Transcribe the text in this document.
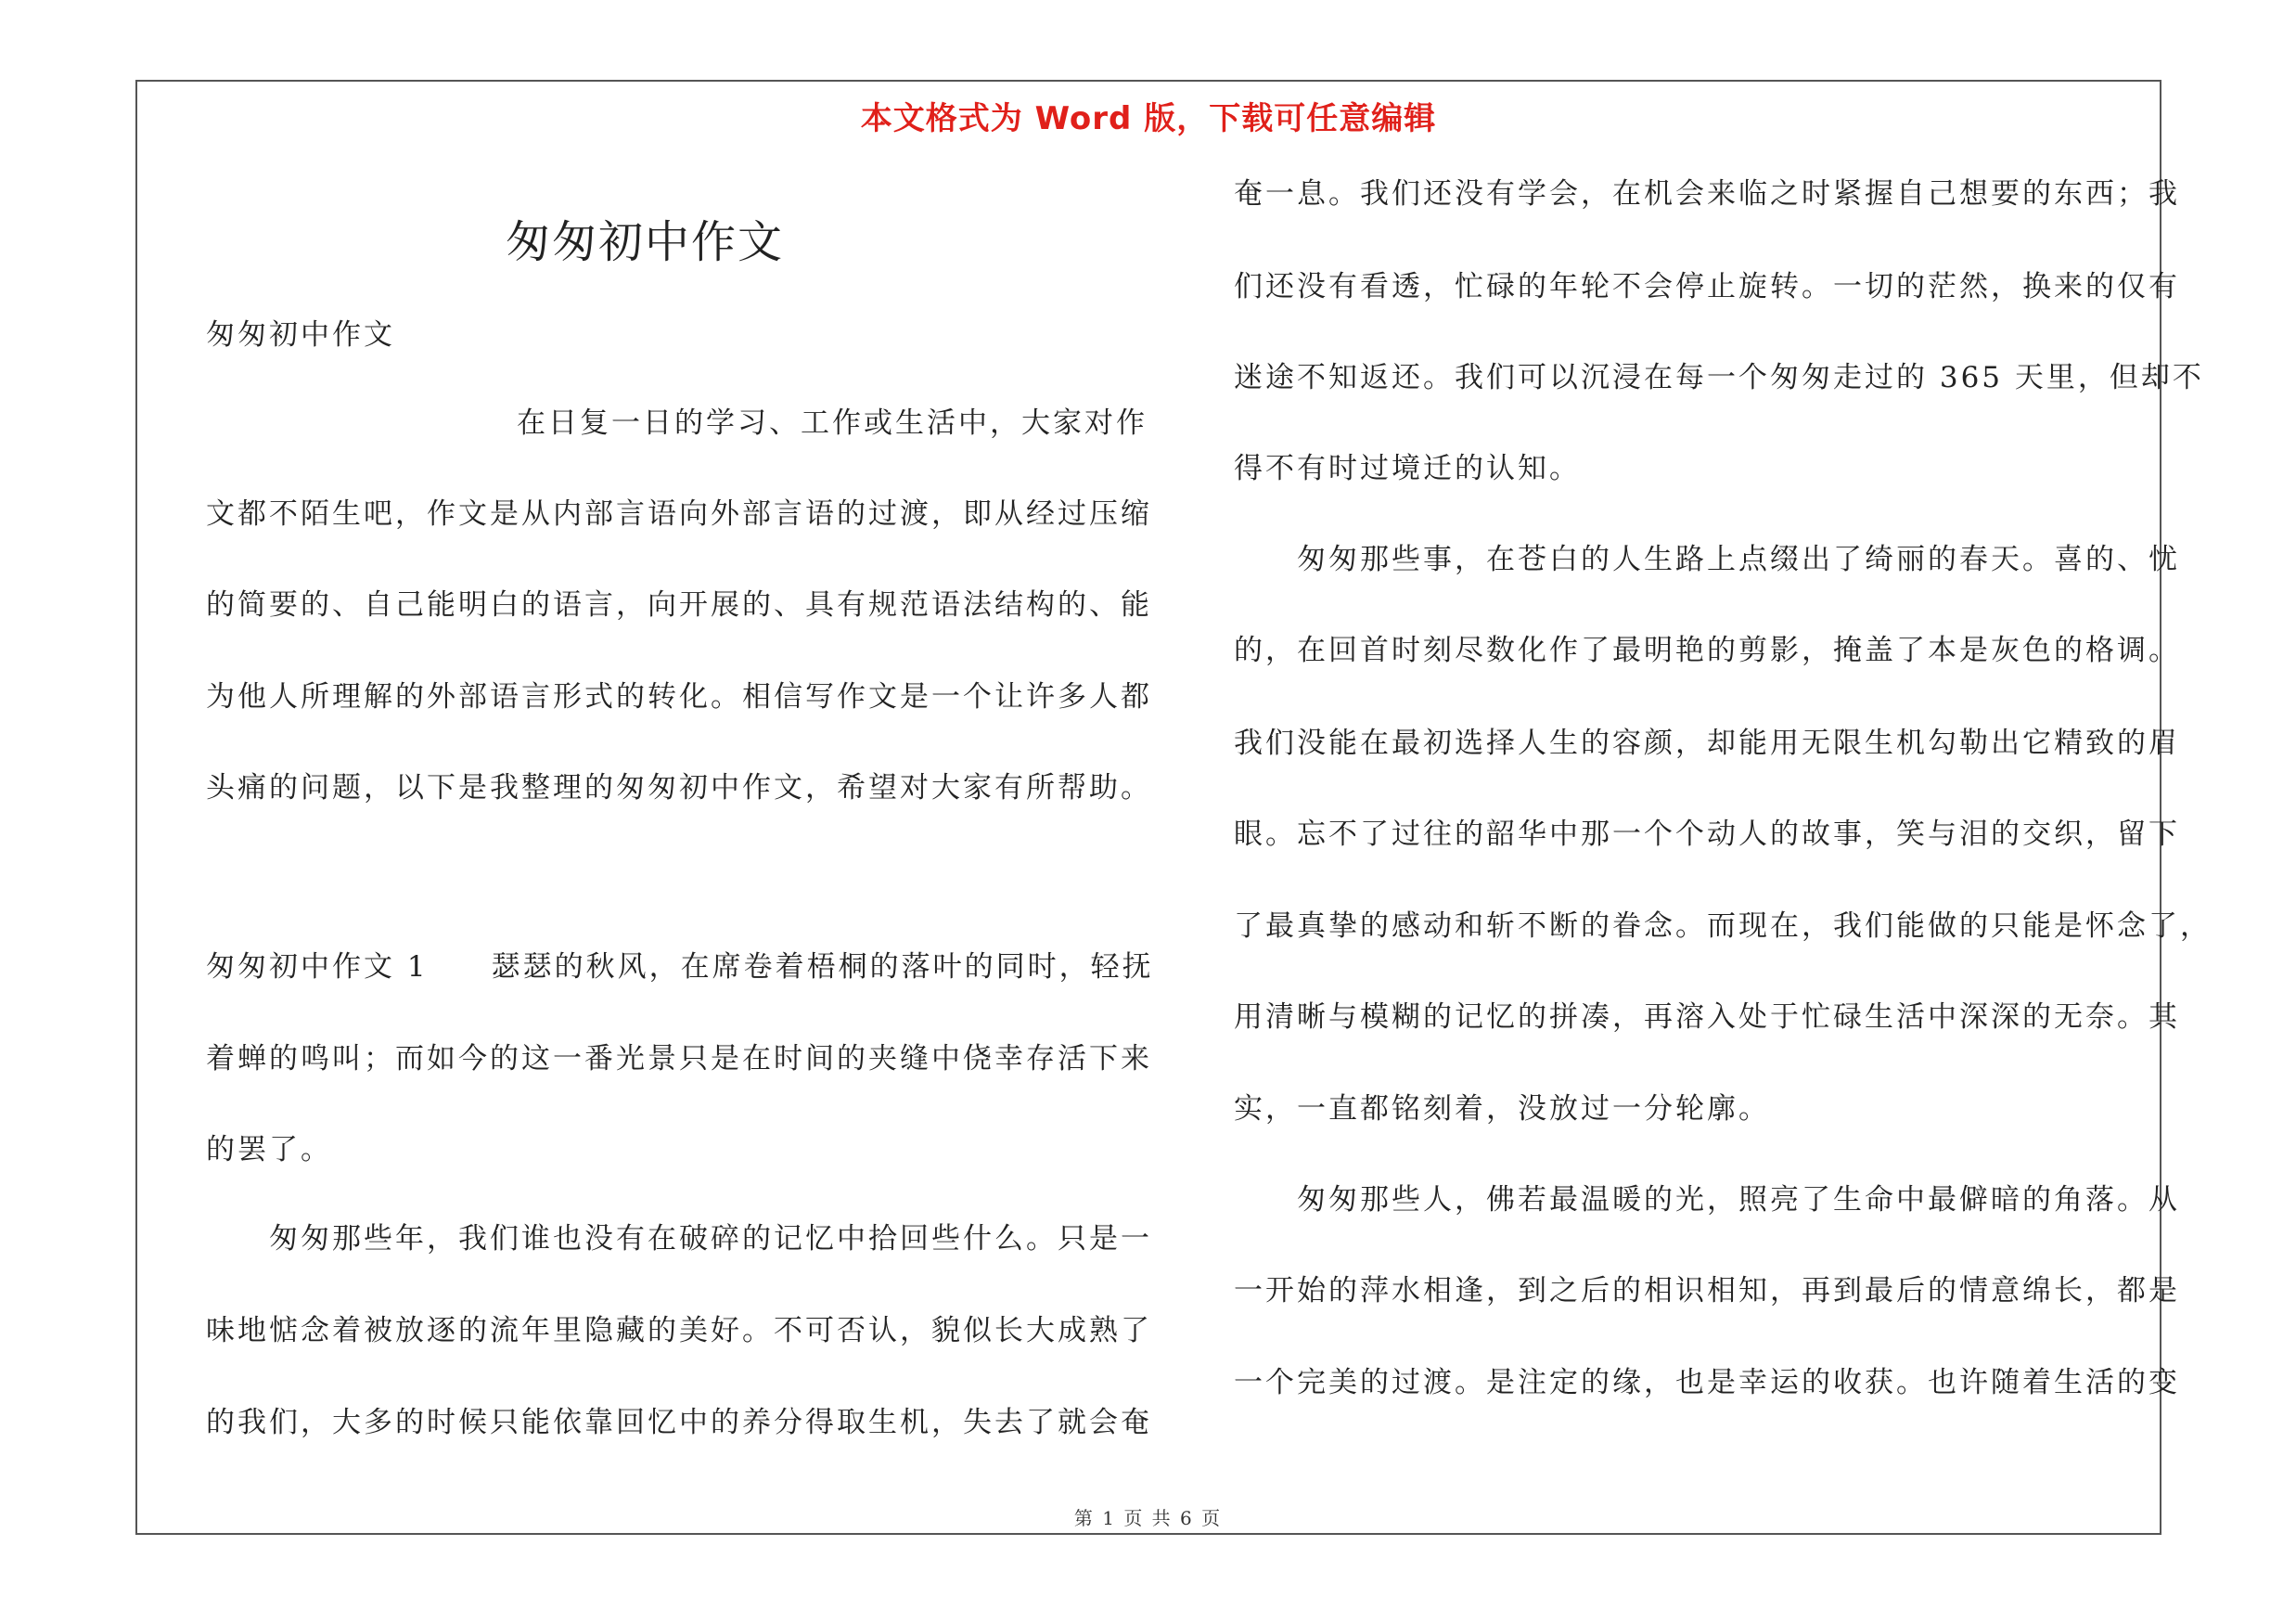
本文格式为 Word 版，下载可任意编辑
匆匆初中作文
匆匆初中作文
在日复一日的学习、工作或生活中，大家对作
文都不陌生吧，作文是从内部言语向外部言语的过渡，即从经过压缩
的简要的、自己能明白的语言，向开展的、具有规范语法结构的、能
为他人所理解的外部语言形式的转化。相信写作文是一个让许多人都
头痛的问题，以下是我整理的匆匆初中作文，希望对大家有所帮助。
匆匆初中作文 1　　瑟瑟的秋风，在席卷着梧桐的落叶的同时，轻抚
着蝉的鸣叫；而如今的这一番光景只是在时间的夹缝中侥幸存活下来
的罢了。
　　匆匆那些年，我们谁也没有在破碎的记忆中拾回些什么。只是一
味地惦念着被放逐的流年里隐藏的美好。不可否认，貌似长大成熟了
的我们，大多的时候只能依靠回忆中的养分得取生机，失去了就会奄
奄一息。我们还没有学会，在机会来临之时紧握自己想要的东西；我
们还没有看透，忙碌的年轮不会停止旋转。一切的茫然，换来的仅有
迷途不知返还。我们可以沉浸在每一个匆匆走过的 365 天里，但却不
得不有时过境迁的认知。
　　匆匆那些事，在苍白的人生路上点缀出了绮丽的春天。喜的、忧
的，在回首时刻尽数化作了最明艳的剪影，掩盖了本是灰色的格调。
我们没能在最初选择人生的容颜，却能用无限生机勾勒出它精致的眉
眼。忘不了过往的韶华中那一个个动人的故事，笑与泪的交织，留下
了最真挚的感动和斩不断的眷念。而现在，我们能做的只能是怀念了，
用清晰与模糊的记忆的拼凑，再溶入处于忙碌生活中深深的无奈。其
实，一直都铭刻着，没放过一分轮廓。
　　匆匆那些人，佛若最温暖的光，照亮了生命中最僻暗的角落。从
一开始的萍水相逢，到之后的相识相知，再到最后的情意绵长，都是
一个完美的过渡。是注定的缘，也是幸运的收获。也许随着生活的变
第 1 页 共 6 页
